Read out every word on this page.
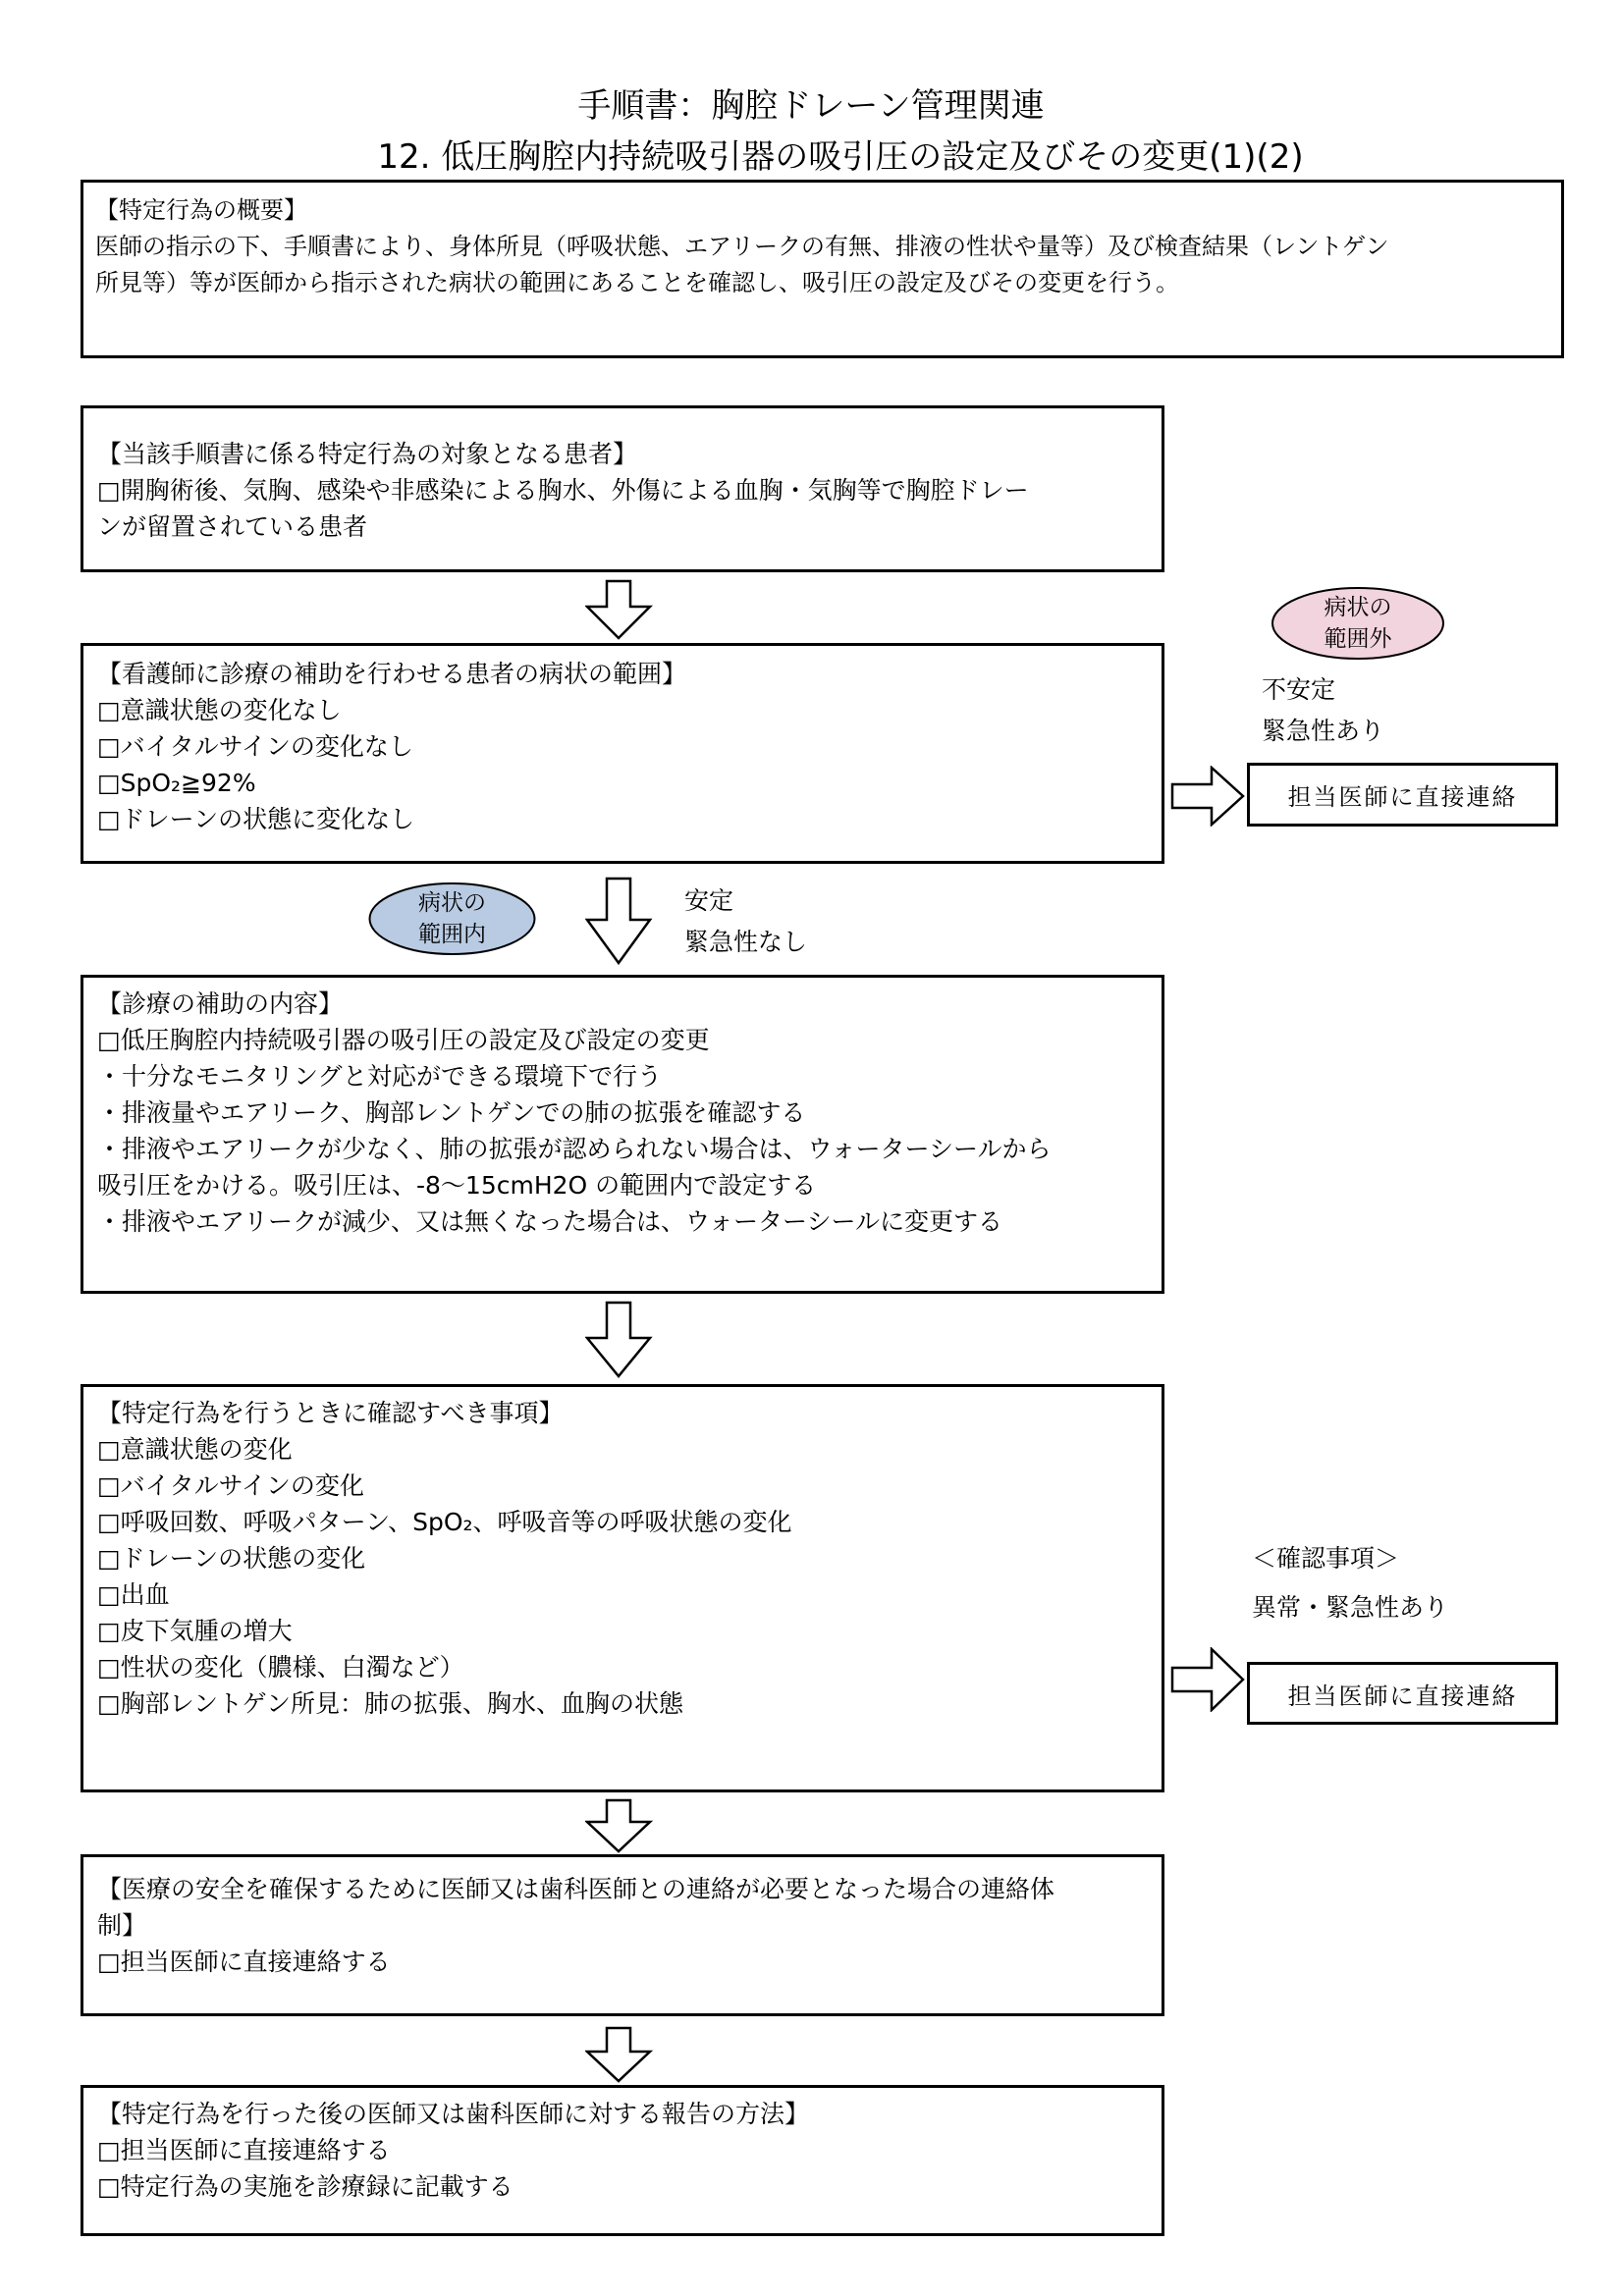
手順書：胸腔ドレーン管理関連
12. 低圧胸腔内持続吸引器の吸引圧の設定及びその変更(1)(2)
【特定行為の概要】
医師の指示の下、手順書により、身体所見（呼吸状態、エアリークの有無、排液の性状や量等）及び検査結果（レントゲン
所見等）等が医師から指示された病状の範囲にあることを確認し、吸引圧の設定及びその変更を行う。
【当該手順書に係る特定行為の対象となる患者】
□開胸術後、気胸、感染や非感染による胸水、外傷による血胸・気胸等で胸腔ドレー
ンが留置されている患者
【看護師に診療の補助を行わせる患者の病状の範囲】
□意識状態の変化なし
□バイタルサインの変化なし
□SpO₂≧92%
□ドレーンの状態に変化なし
病状の
範囲外
不安定
緊急性あり
担当医師に直接連絡
病状の
範囲内
安定
緊急性なし
【診療の補助の内容】
□低圧胸腔内持続吸引器の吸引圧の設定及び設定の変更
・十分なモニタリングと対応ができる環境下で行う
・排液量やエアリーク、胸部レントゲンでの肺の拡張を確認する
・排液やエアリークが少なく、肺の拡張が認められない場合は、ウォーターシールから
吸引圧をかける。吸引圧は、-8～15cmH2O の範囲内で設定する
・排液やエアリークが減少、又は無くなった場合は、ウォーターシールに変更する
【特定行為を行うときに確認すべき事項】
□意識状態の変化
□バイタルサインの変化
□呼吸回数、呼吸パターン、SpO₂、呼吸音等の呼吸状態の変化
□ドレーンの状態の変化
□出血
□皮下気腫の増大
□性状の変化（膿様、白濁など）
□胸部レントゲン所見：肺の拡張、胸水、血胸の状態
＜確認事項＞
異常・緊急性あり
担当医師に直接連絡
【医療の安全を確保するために医師又は歯科医師との連絡が必要となった場合の連絡体
制】
□担当医師に直接連絡する
【特定行為を行った後の医師又は歯科医師に対する報告の方法】
□担当医師に直接連絡する
□特定行為の実施を診療録に記載する
